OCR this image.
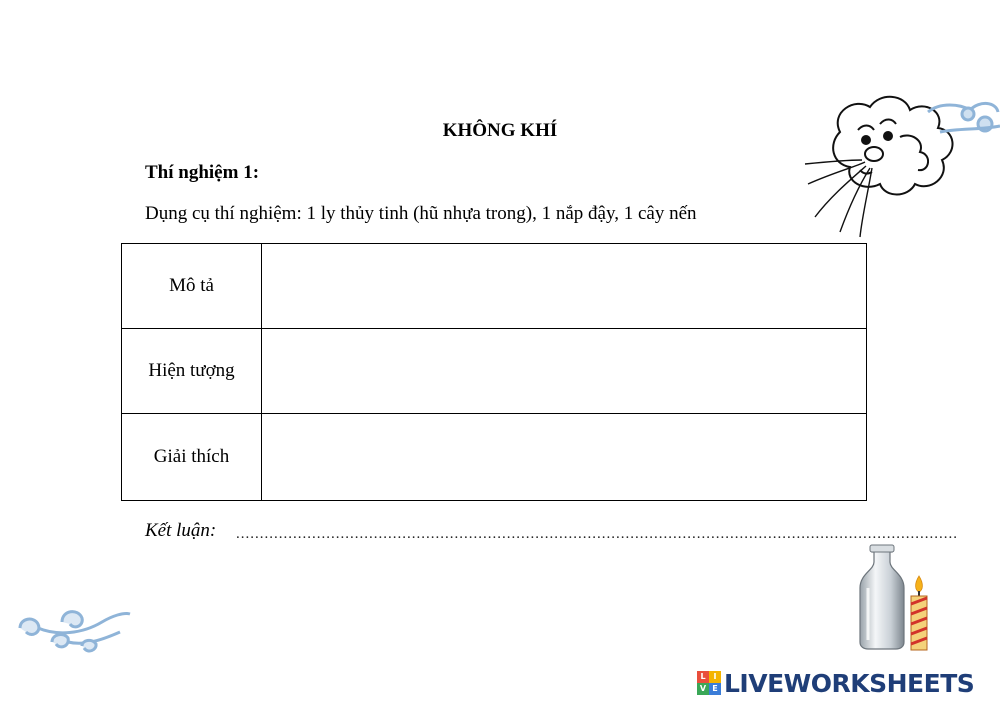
KHÔNG KHÍ
Thí nghiệm 1:
Dụng cụ thí nghiệm: 1 ly thủy tinh (hũ nhựa trong), 1 nắp đậy, 1 cây nến
Mô tả	
Hiện tượng	
Giải thích	
Kết luận: ........................................................................................................................................................
L I
V E LIVEWORKSHEETS
